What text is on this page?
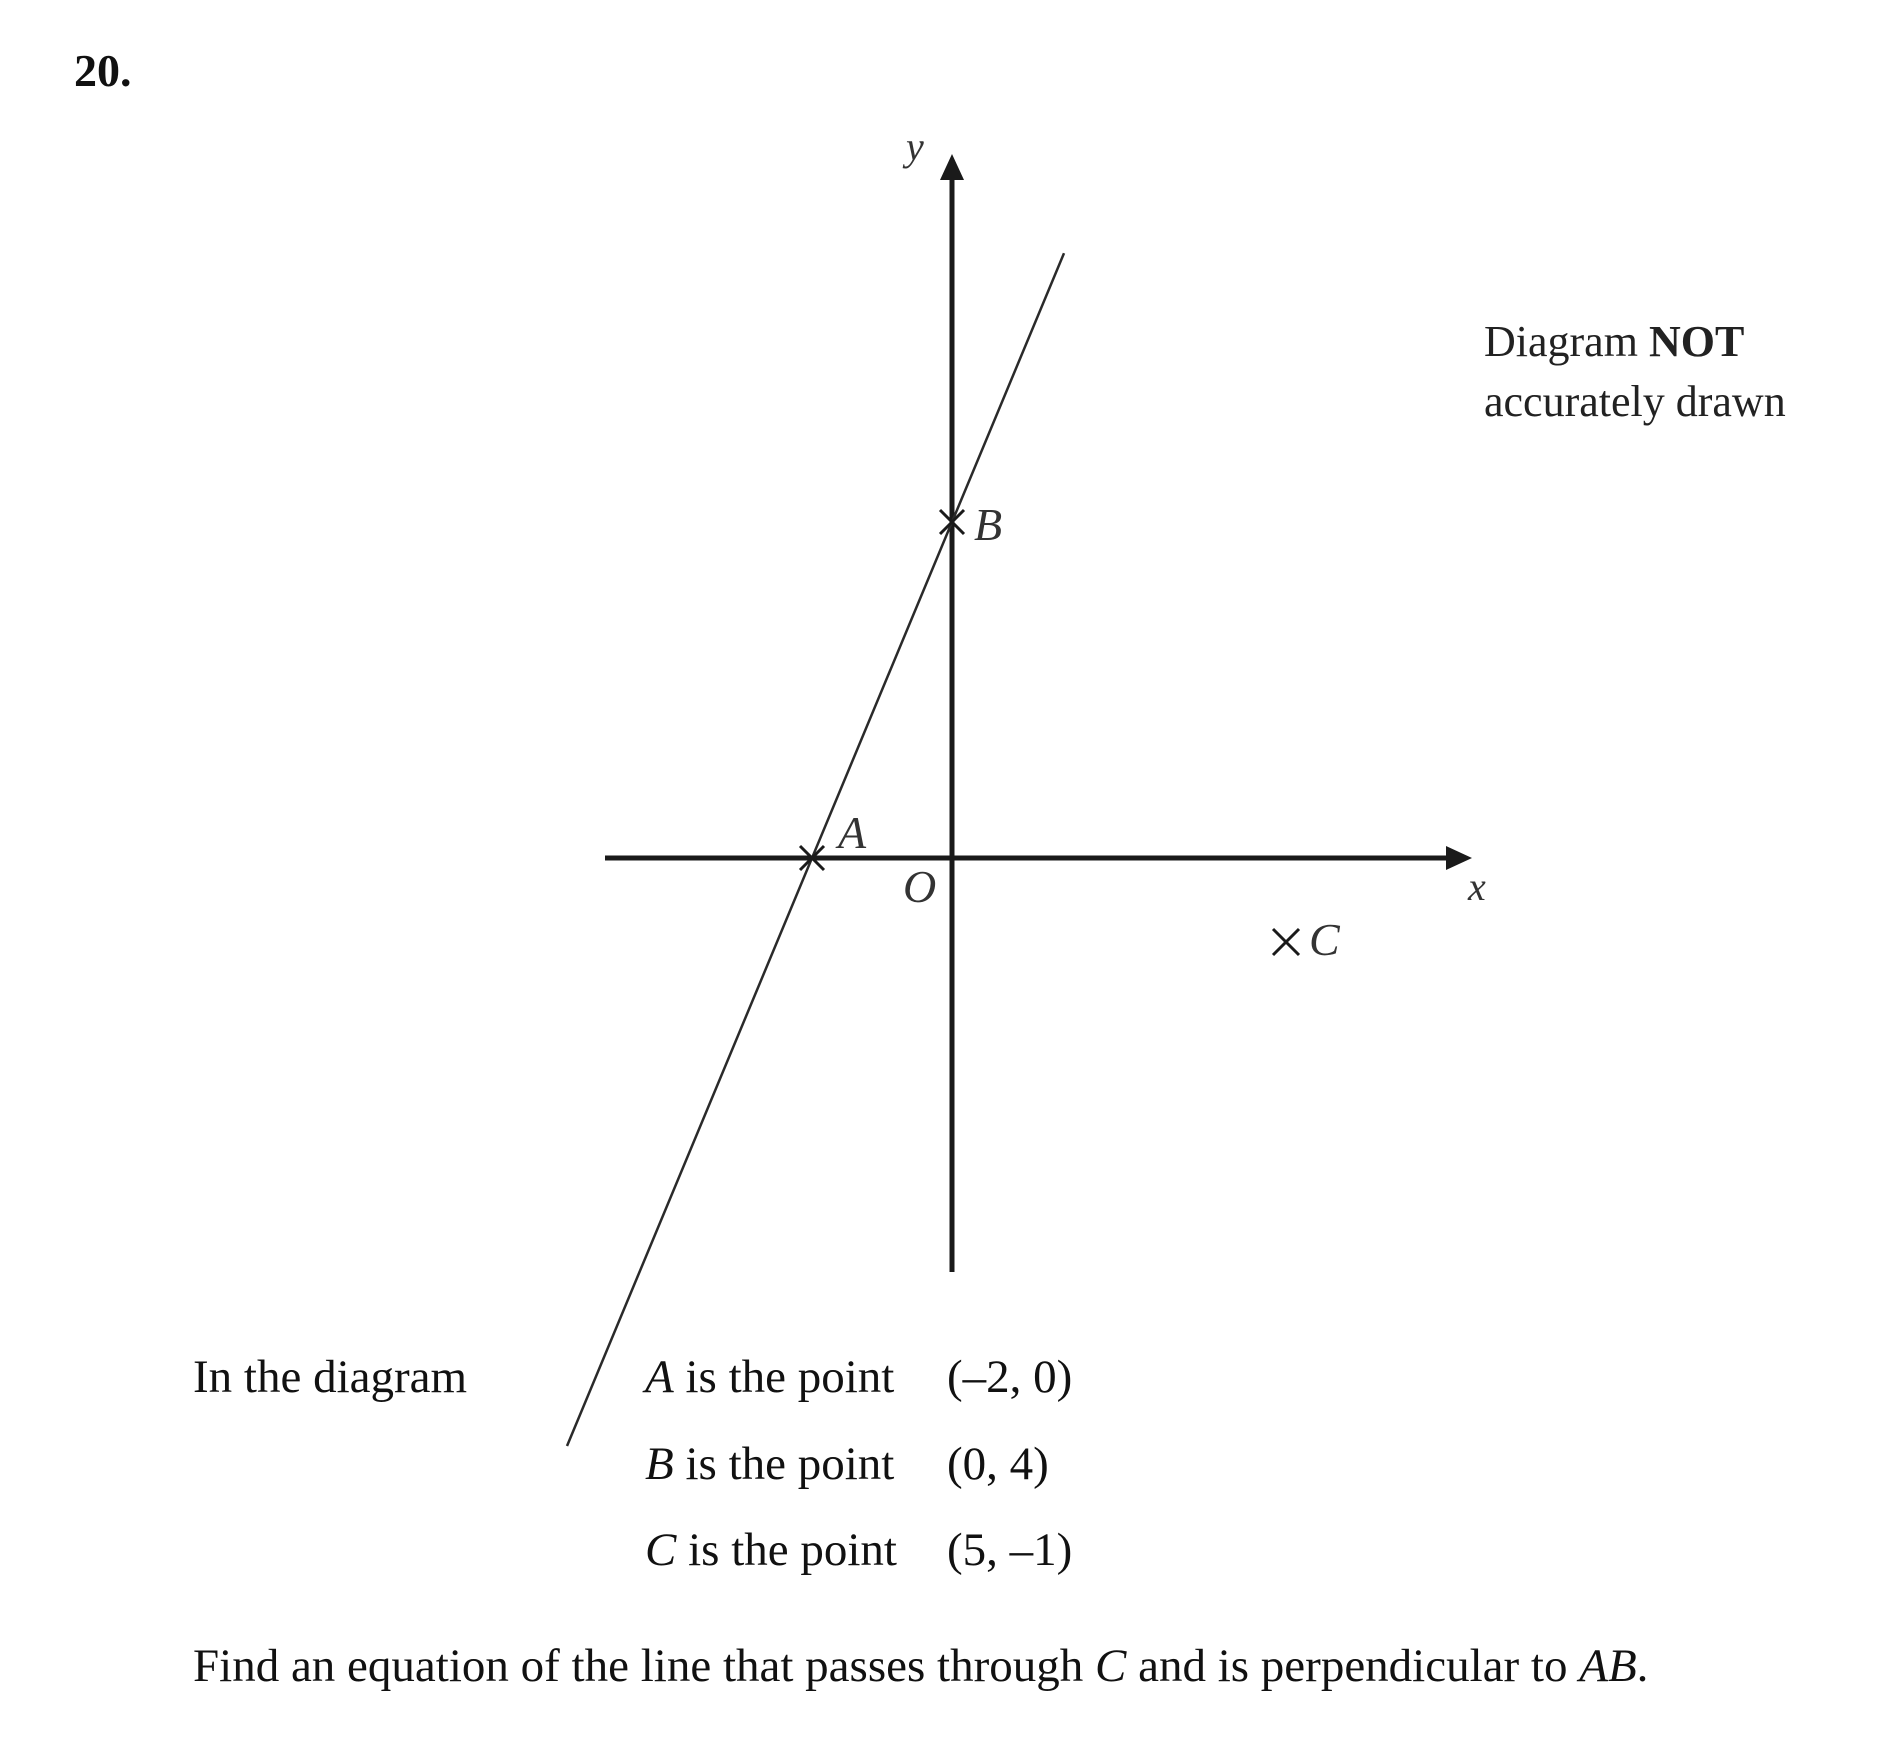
20.
x
y
O
A
B
C
Diagram NOT
accurately drawn
In the diagram	A is the point (–2, 0)
B is the point (0, 4)
C is the point (5, –1)
Find an equation of the line that passes through C and is perpendicular to AB.
